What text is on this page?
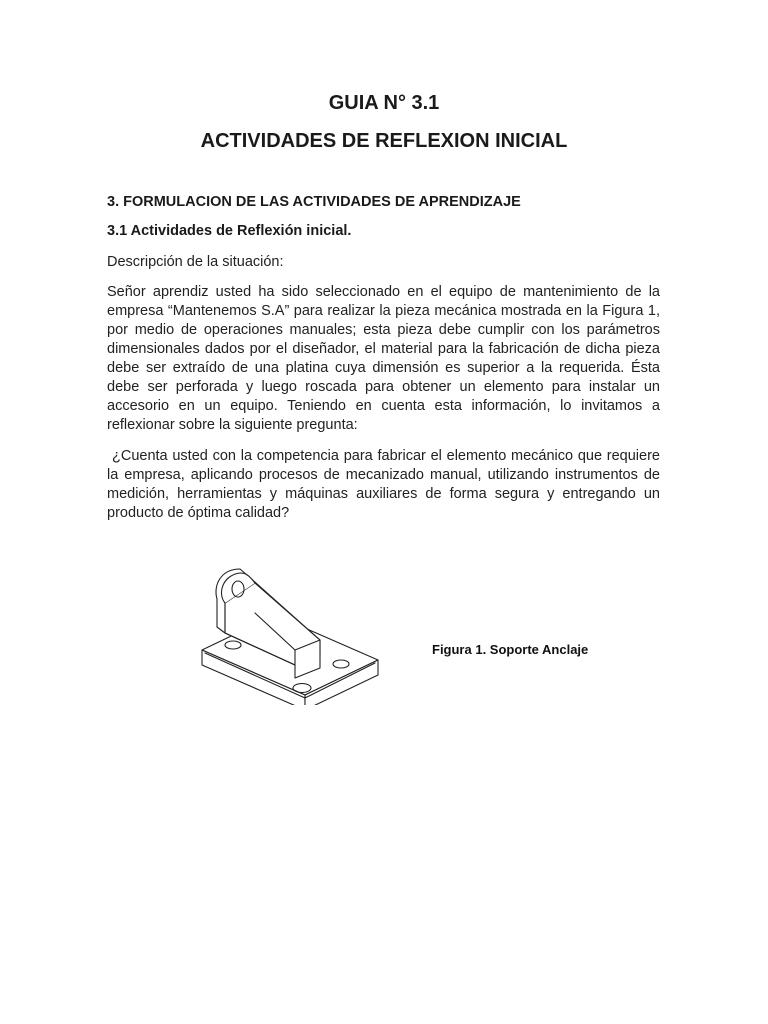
GUIA N° 3.1
ACTIVIDADES DE REFLEXION INICIAL

3. FORMULACION DE LAS ACTIVIDADES DE APRENDIZAJE

3.1 Actividades de Reflexión inicial.

Descripción de la situación:

Señor aprendiz usted ha sido seleccionado en el equipo de mantenimiento de la empresa “Mantenemos S.A” para realizar la pieza mecánica mostrada en la Figura 1, por medio de operaciones manuales; esta pieza debe cumplir con los parámetros dimensionales dados por el diseñador, el material para la fabricación de dicha pieza debe ser extraído de una platina cuya dimensión es superior a la requerida. Ésta debe ser perforada y luego roscada para obtener un elemento para instalar un accesorio en un equipo. Teniendo en cuenta esta información, lo invitamos a reflexionar sobre la siguiente pregunta:

¿Cuenta usted con la competencia para fabricar el elemento mecánico que requiere la empresa, aplicando procesos de mecanizado manual, utilizando instrumentos de medición, herramientas y máquinas auxiliares de forma segura y entregando un producto de óptima calidad?

Figura 1. Soporte Anclaje
